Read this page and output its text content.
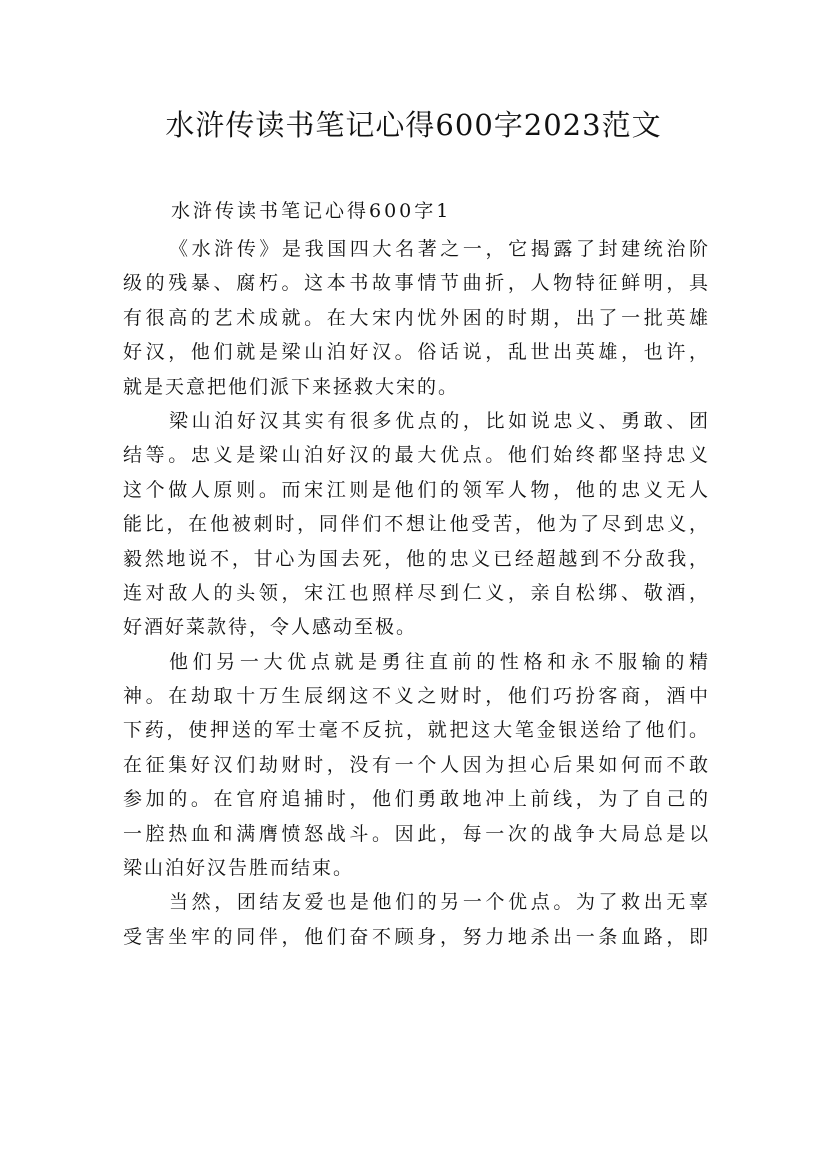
水浒传读书笔记心得600字2023范文
水浒传读书笔记心得600字1
《水浒传》是我国四大名著之一，它揭露了封建统治阶
级的残暴、腐朽。这本书故事情节曲折，人物特征鲜明，具
有很高的艺术成就。在大宋内忧外困的时期，出了一批英雄
好汉，他们就是梁山泊好汉。俗话说，乱世出英雄，也许，
就是天意把他们派下来拯救大宋的。
梁山泊好汉其实有很多优点的，比如说忠义、勇敢、团
结等。忠义是梁山泊好汉的最大优点。他们始终都坚持忠义
这个做人原则。而宋江则是他们的领军人物，他的忠义无人
能比，在他被刺时，同伴们不想让他受苦，他为了尽到忠义，
毅然地说不，甘心为国去死，他的忠义已经超越到不分敌我，
连对敌人的头领，宋江也照样尽到仁义，亲自松绑、敬酒，
好酒好菜款待，令人感动至极。
他们另一大优点就是勇往直前的性格和永不服输的精
神。在劫取十万生辰纲这不义之财时，他们巧扮客商，酒中
下药，使押送的军士毫不反抗，就把这大笔金银送给了他们。
在征集好汉们劫财时，没有一个人因为担心后果如何而不敢
参加的。在官府追捕时，他们勇敢地冲上前线，为了自己的
一腔热血和满膺愤怒战斗。因此，每一次的战争大局总是以
梁山泊好汉告胜而结束。
当然，团结友爱也是他们的另一个优点。为了救出无辜
受害坐牢的同伴，他们奋不顾身，努力地杀出一条血路，即
